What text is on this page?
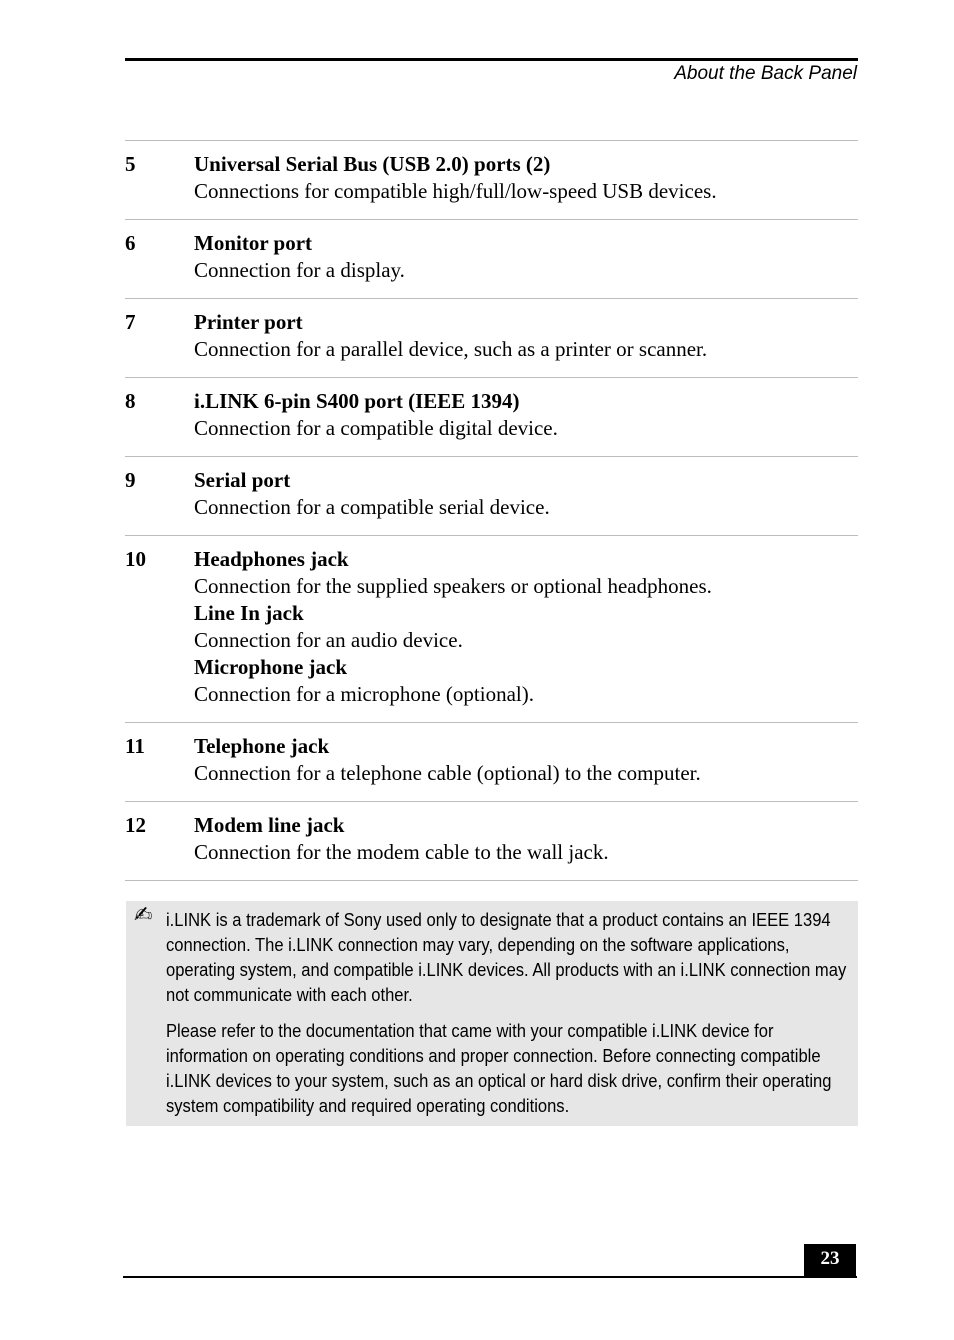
About the Back Panel
5	Universal Serial Bus (USB 2.0) ports (2)
Connections for compatible high/full/low-speed USB devices.
6	Monitor port
Connection for a display.
7	Printer port
Connection for a parallel device, such as a printer or scanner.
8	i.LINK 6-pin S400 port (IEEE 1394)
Connection for a compatible digital device.
9	Serial port
Connection for a compatible serial device.
10	Headphones jack
Connection for the supplied speakers or optional headphones.
Line In jack
Connection for an audio device.
Microphone jack
Connection for a microphone (optional).
11	Telephone jack
Connection for a telephone cable (optional) to the computer.
12	Modem line jack
Connection for the modem cable to the wall jack.
✍ i.LINK is a trademark of Sony used only to designate that a product contains an IEEE 1394 connection. The i.LINK connection may vary, depending on the software applications, operating system, and compatible i.LINK devices. All products with an i.LINK connection may not communicate with each other.

Please refer to the documentation that came with your compatible i.LINK device for information on operating conditions and proper connection. Before connecting compatible i.LINK devices to your system, such as an optical or hard disk drive, confirm their operating system compatibility and required operating conditions.

23
